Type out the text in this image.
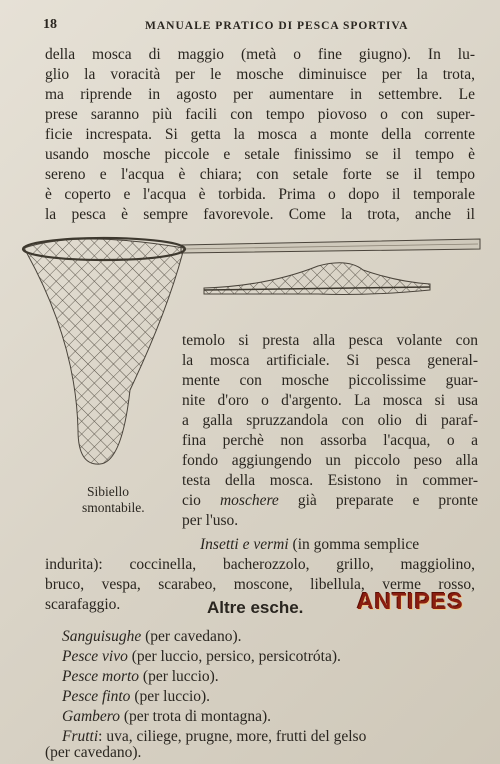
18	MANUALE PRATICO DI PESCA SPORTIVA
della mosca di maggio (metà o fine giugno). In lu-
glio la voracità per le mosche diminuisce per la trota,
ma riprende in agosto per aumentare in settembre. Le
prese saranno più facili con tempo piovoso o con super-
ficie increspata. Si getta la mosca a monte della corrente
usando mosche piccole e setale finissimo se il tempo è
sereno e l'acqua è chiara; con setale forte se il tempo
è coperto e l'acqua è torbida. Prima o dopo il temporale
la pesca è sempre favorevole. Come la trota, anche il
Sibiello
smontabile.
temolo si presta alla pesca volante con
la mosca artificiale. Si pesca general-
mente con mosche piccolissime guar-
nite d'oro o d'argento. La mosca si usa
a galla spruzzandola con olio di paraf-
fina perchè non assorba l'acqua, o a
fondo aggiungendo un piccolo peso alla
testa della mosca. Esistono in commer-
cio moschere già preparate e pronte
per l'uso.
Insetti e vermi (in gomma semplice
indurita): coccinella, bacherozzolo, grillo, maggiolino,
bruco, vespa, scarabeo, moscone, libellula, verme rosso,
scarafaggio.	Altre esche. ANTIPES
Sanguisughe (per cavedano).
Pesce vivo (per luccio, persico, persicotróta).
Pesce morto (per luccio).
Pesce finto (per luccio).
Gambero (per trota di montagna).
Frutti: uva, ciliege, prugne, more, frutti del gelso
(per cavedano).
